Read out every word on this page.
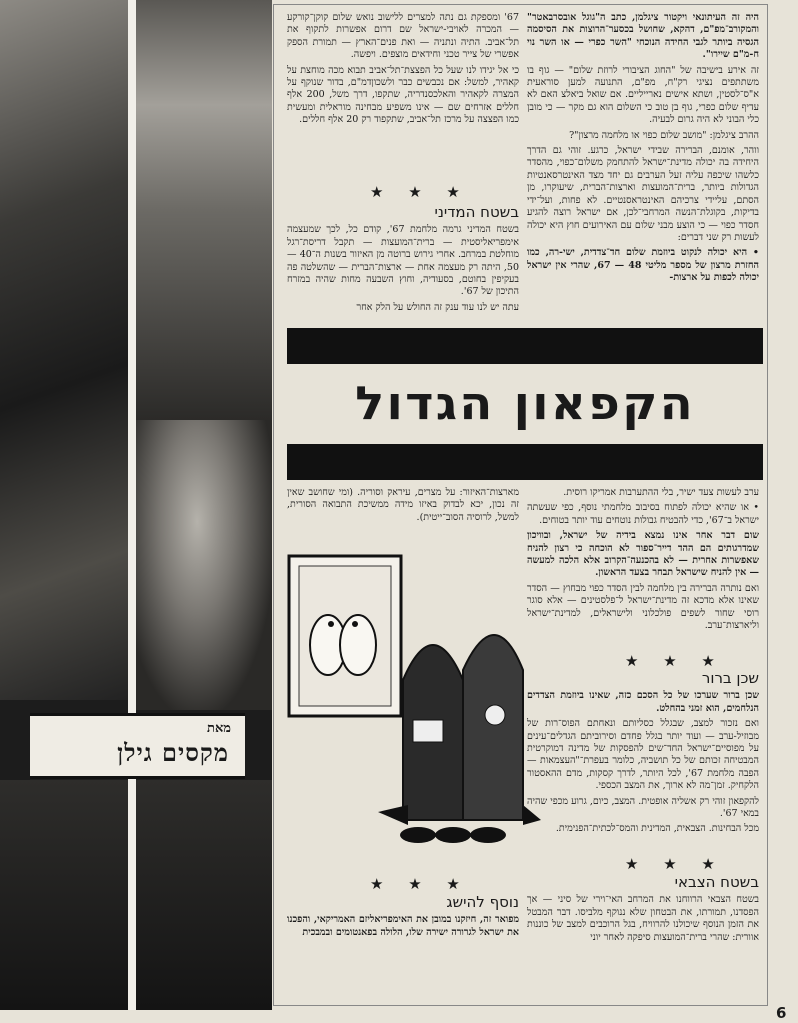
מאת
מקסים גילן

היה זה העיתונאי ויקטור ציגלמן, כתב ה"גוגל אובסרבאטר" והמקורב־מפ"ם, דהקא, שחושל בכסער־הרוצות את הסיסמה הגסיה ביותר לגבי החידה הנוכחי "השר כפרי — או השר נוי ח-מ"ם שיירו".

זה אירע בישיבה של "החוג הציבורי לרוזת שלום" — גוף בו משתתפים נציגי רק"ח, מפ"ם, התנועה למען סוראעית א"ס־לסטין, ושתא אישים נארייליים. אם שואל ביאלצ האם לא עדיף שלום כפרי, גוף בן טוב כי השלום הוא גם מקר — כי מובן כלי הבוני לא היה גרום לבעיה.

ההרב ציגלמן: "מושב שלום כפוי או מלחמה מרצון"?

ווהר, אומנם, הברירה שבידי ישראל, כרגע. זוהי גם הדרך היחידה בה יכולה מדינת־ישראל להתחמק משלום־כפוי, מהסדר כלשהו שיכפה עליה זעל הערבים גם יחד מצד האינטרסאנטיות הגדולות ביותר, ברית־המועצות וארצות־הברית, שיעוקרו, מן הסתם, עליידי צרכיהם האינטראסנטיים. לא פחות, ועל־ידי בדיקות, בקוגלת־הנשה המרחבי־לכן, אם ישראל רוצה להגיע חסדר כפוי — כי הוצע מבני שלום עם האירועים חוץ היא יכולה לעשות רק שני דברים:

• היא יכולה לנקוט ביוזמת שלום חד־צדדית, ישי-רה, כמו החזרת מרצון של מספר מליטי 48 — 67, שהרי אין ישראל יכולה לכפות על ארצות-

67' ומספקת גם נתה למצרים ללישוב נואש שלום קוקן־קורקע — המכרה לאויבי-ישראל שם דרום אפשרות לתקוף את תל־אביב. התיה ונתניה — ואת פנים־הארץ — תמורת הספק אפשרי של צייר טכני וחידאים מוצפים. ויפשה.

כי אל יגידו לנו שעל כל הפצצת־תל־אביב תבוא מכה מוחצת על קאהיר, למשל: אם נכבשים כבר ולשכוןדמ"ם, בדור שנוקף על המצרה לקאהיר והאלכסנדריה, שתקפו, דרך משל, 200 אלף חללים אזרחים שם — אינו משפיע מבחינה מוראלית ומעשית כמו הפצצה על מרכז תל־אביב, שתקפוד רק 20 אלף חללים.

★ ★ ★

בשטח המדיני

בשטח המדיני גרמה מלחמת 67', קודם כל, לכך שמעצמה אימפריאליסטית — ברית־המועצות — תקבל דריסת־רגל מוחלטת במרחב. אחרי גירוש ברוטה מן האיזור בשנות ה־40 — 50, היתה רק מעצמה אחת — ארצות־הברית — שהשלטה פה בעקיפין בחוטם, בסעודיה, וחוץ השבעה מחות שהיה במזרח התיכון של 67'.

עתה יש לנו עוד ענק זה החולש על הלק אחר

הקפאון הגדול

מארצות־האיזור: על מצרים, עיראק וסוריה. (ומי שחושב שאין זה נכון, יכא לבדוק באיזו מידה ממשיכת התבואה הסורית, למשל, לרוסיה הסוב־ייטית).

★ ★ ★

נוסף להישג

מפואר זה, חיזקנו במובן את האימפריאליזם האמריקאי, והפכנו את ישראל לגרורה ישירה שלו, הלולה בפאנטומים ובמבכית

ערב לעשות צעד ישיר, בלי ההתערבות אמריקו רוסית.

• או שהיא יכולה לפתוח בסיבוב מלחמתי נוסף, כפי שעשתה ישראל ב־67', כדי להבטיח גבולות נוטחים עוד יותר בטוחים.

שום דבר אחר אינו נמצא בידיה של ישראל, ובוויכון שמדרגותים הם ההד דייר־ספור לא הוכחה כי רצון להניח שאפשרות אחרית — לא בהכנעה־הקרוב אלא הלכה למעשה — אין להניח שישראל תבחר בצעד הראשון.

ואם נותרה הברירה בין מלחמה לבין הסדר כפוי מבחוץ — הסדר שאינו אלא מדכא זה מדינת־ישראל ל־פלסטינים — אלא סוגר רוסי שחור לשפים פולכלוני ולישראלים, למדינת־ישראל וליארצות־ערב.

★ ★ ★

שכן ברור

שכן ברור שערכו של כל הסכם כזה, שאינו ביוזמת הצדדים הנלחמים, הוא זמני בהחלט.

ואם נזכור למצב, שבגלל כסליותם ונאחתם הפוס־רות של מבוזיל-ערב — ועוד יותר בגלל פחדם וסירוביתם הגדלים־עינים על מפוסיים־ישראל החד־שים להפסקות של מדינה דמוקרטית המבטיחה זכותם של כל תושביה, כלומר בעפרת־"העצמאות — הפבה מלחמת 67', לכל היותר, לדרך קסקות, מדם ההאסטור הלקחיק. זמן־מה לא ארוך, את המצב הכספי.

להקפאון זוהי רק אשליה אופטית. המצב, כיום, גרוע מכפי שהיה במאי 67'.

מכל הבחינות. הצבאית, המדינית והמס־לכתית־הפנימית.

★ ★ ★

בשטח הצבאי

בשטח הצבאי הרווחנו את המרחב האי־וירי של סיני — אך הפסדנו, תמורתו, את הבטחון שלא ננוקף מלביסו. דבר המבטל את הזמן הנוסף שיכולנו להרוויח, בגל הרוכבים למצב של כוננות אוורית: שהרי ברית־המועצות סיפקה לאחר יוני

6
